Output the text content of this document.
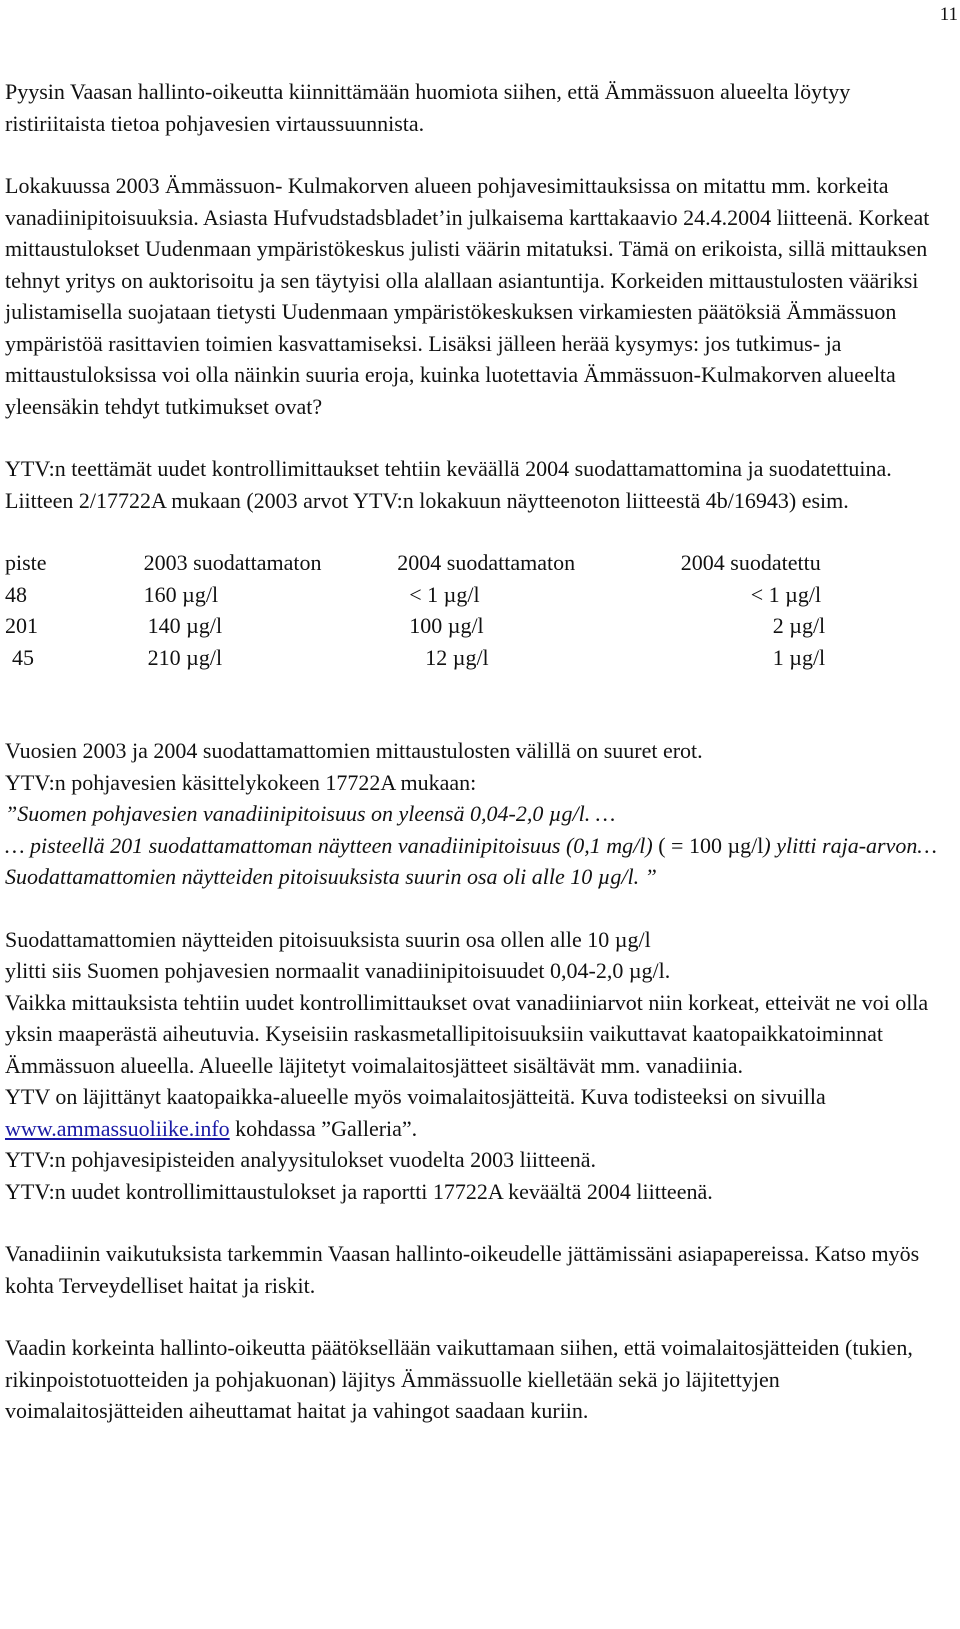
11

Pyysin Vaasan hallinto-oikeutta kiinnittämään huomiota siihen, että Ämmässuon alueelta löytyy ristiriitaista tietoa pohjavesien virtaussuunnista.

Lokakuussa 2003 Ämmässuon- Kulmakorven alueen pohjavesimittauksissa on mitattu mm. korkeita vanadiinipitoisuuksia. Asiasta Hufvudstadsbladet’in julkaisema karttakaavio 24.4.2004 liitteenä. Korkeat mittaustulokset Uudenmaan ympäristökeskus julisti väärin mitatuksi. Tämä on erikoista, sillä mittauksen tehnyt yritys on auktorisoitu ja sen täytyisi olla alallaan asiantuntija. Korkeiden mittaustulosten vääriksi julistamisella suojataan tietysti Uudenmaan ympäristökeskuksen virkamiesten päätöksiä Ämmässuon ympäristöä rasittavien toimien kasvattamiseksi. Lisäksi jälleen herää kysymys: jos tutkimus- ja mittaustuloksissa voi olla näinkin suuria eroja, kuinka luotettavia Ämmässuon-Kulmakorven alueelta yleensäkin tehdyt tutkimukset ovat?

YTV:n teettämät uudet kontrollimittaukset tehtiin keväällä 2004 suodattamattomina ja suodatettuina. Liitteen 2/17722A mukaan (2003 arvot YTV:n lokakuun näytteenoton liitteestä 4b/16943) esim.

piste	2003 suodattamaton	2004 suodattamaton	2004 suodatettu
48	160 µg/l	< 1 µg/l	< 1 µg/l
201	140 µg/l	100 µg/l	2 µg/l
45	210 µg/l	12 µg/l	1 µg/l

Vuosien 2003 ja 2004 suodattamattomien mittaustulosten välillä on suuret erot.

YTV:n pohjavesien käsittelykokeen 17722A mukaan:

”Suomen pohjavesien vanadiinipitoisuus on yleensä 0,04-2,0 µg/l. …

… pisteellä 201 suodattamattoman näytteen vanadiinipitoisuus (0,1 mg/l) ( = 100 µg/l) ylitti raja-arvon… Suodattamattomien näytteiden pitoisuuksista suurin osa oli alle 10 µg/l. ”

Suodattamattomien näytteiden pitoisuuksista suurin osa ollen alle 10 µg/l

ylitti siis Suomen pohjavesien normaalit vanadiinipitoisuudet 0,04-2,0 µg/l.

Vaikka mittauksista tehtiin uudet kontrollimittaukset ovat vanadiiniarvot niin korkeat, etteivät ne voi olla yksin maaperästä aiheutuvia. Kyseisiin raskasmetallipitoisuuksiin vaikuttavat kaatopaikkatoiminnat Ämmässuon alueella. Alueelle läjitetyt voimalaitosjätteet sisältävät mm. vanadiinia.

YTV on läjittänyt kaatopaikka-alueelle myös voimalaitosjätteitä. Kuva todisteeksi on sivuilla www.ammassuoliike.info kohdassa ”Galleria”.

YTV:n pohjavesipisteiden analyysitulokset vuodelta 2003 liitteenä.

YTV:n uudet kontrollimittaustulokset ja raportti 17722A keväältä 2004 liitteenä.

Vanadiinin vaikutuksista tarkemmin Vaasan hallinto-oikeudelle jättämissäni asiapapereissa. Katso myös kohta Terveydelliset haitat ja riskit.

Vaadin korkeinta hallinto-oikeutta päätöksellään vaikuttamaan siihen, että voimalaitosjätteiden (tukien, rikinpoistotuotteiden ja pohjakuonan) läjitys Ämmässuolle kielletään sekä jo läjitettyjen voimalaitosjätteiden aiheuttamat haitat ja vahingot saadaan kuriin.
